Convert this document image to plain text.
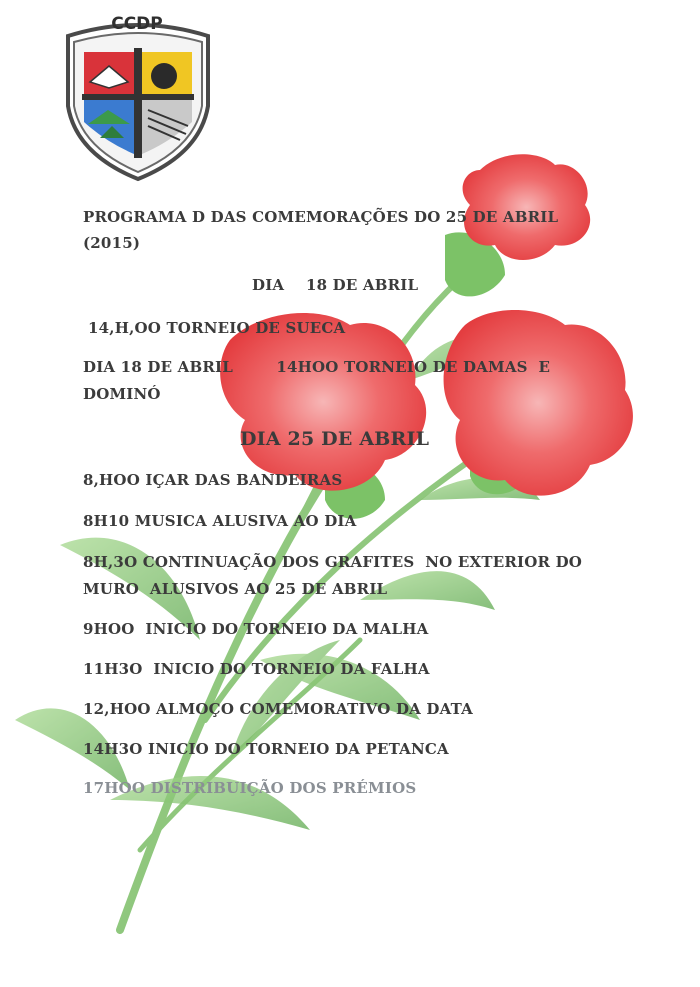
CCDP

PROGRAMA D DAS COMEMORAÇÕES DO 25 DE ABRIL

(2015)

DIA    18 DE ABRIL

14,H,OO TORNEIO DE SUECA

DIA 18 DE ABRIL        14HOO TORNEIO DE DAMAS  E

DOMINÓ

DIA 25 DE ABRIL

8,HOO IÇAR DAS BANDEIRAS

8H10 MUSICA ALUSIVA AO DIA

8H,3O CONTINUAÇÃO DOS GRAFITES  NO EXTERIOR DO

MURO  ALUSIVOS AO 25 DE ABRIL

9HOO  INICIO DO TORNEIO DA MALHA

11H3O  INICIO DO TORNEIO DA FALHA

12,HOO ALMOÇO COMEMORATIVO DA DATA

14H3O INICIO DO TORNEIO DA PETANCA

17HOO DISTRIBUIÇÃO DOS PRÉMIOS
